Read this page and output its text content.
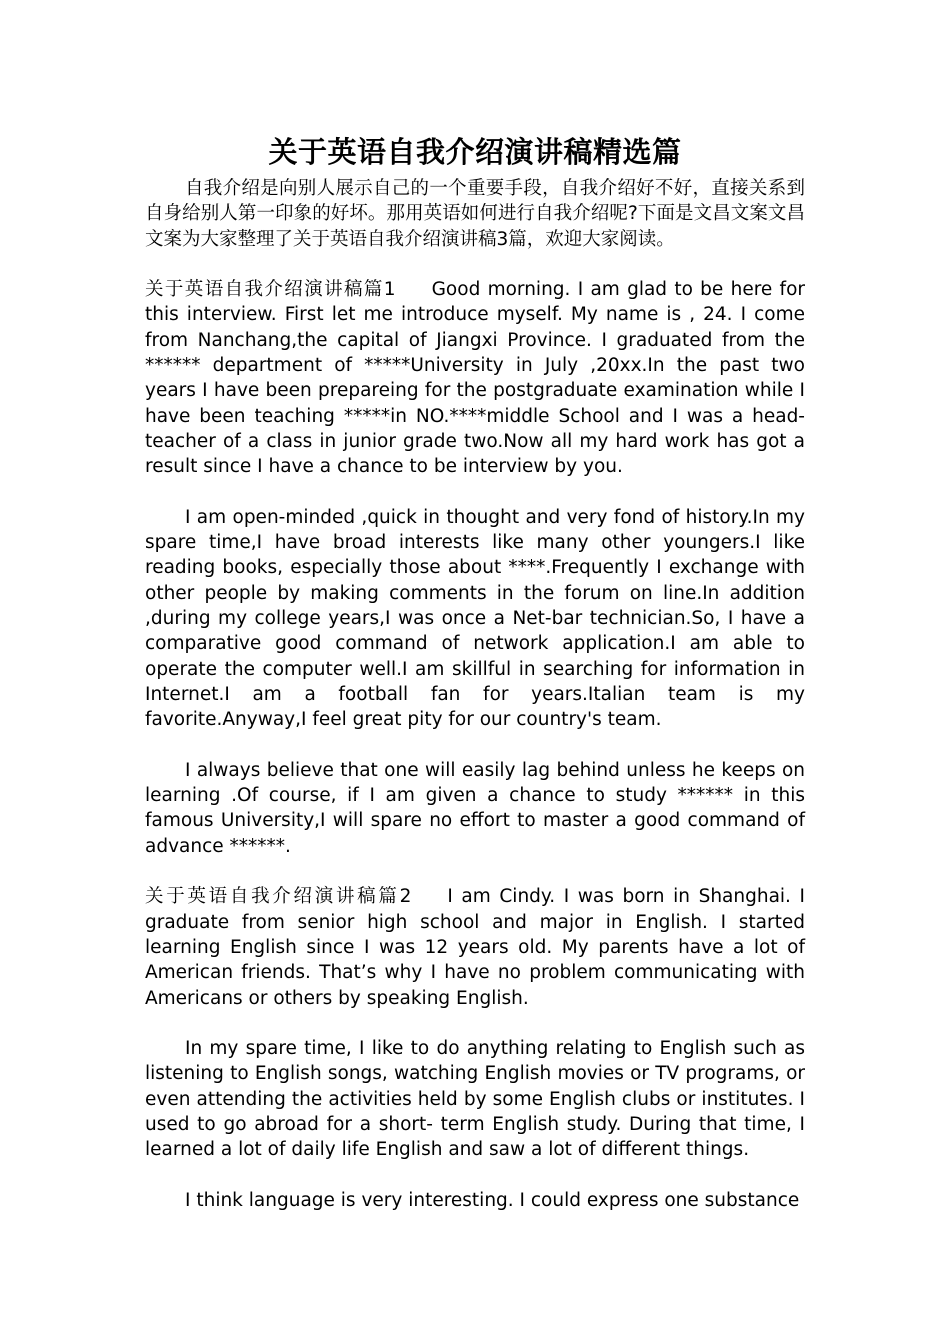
关于英语自我介绍演讲稿精选篇

自我介绍是向别人展示自己的一个重要手段，自我介绍好不好，直接关系到自身给别人第一印象的好坏。那用英语如何进行自我介绍呢?下面是文昌文案文昌文案为大家整理了关于英语自我介绍演讲稿3篇，欢迎大家阅读。

关于英语自我介绍演讲稿篇1 Good morning. I am glad to be here for this interview. First let me introduce myself. My name is , 24. I come from Nanchang,the capital of Jiangxi Province. I graduated from the ****** department of *****University in July ,20xx.In the past two years I have been prepareing for the postgraduate examination while I have been teaching *****in NO.****middle School and I was a head-teacher of a class in junior grade two.Now all my hard work has got a result since I have a chance to be interview by you.

I am open-minded ,quick in thought and very fond of history.In my spare time,I have broad interests like many other youngers.I like reading books, especially those about ****.Frequently I exchange with other people by making comments in the forum on line.In addition ,during my college years,I was once a Net-bar technician.So, I have a comparative good command of network application.I am able to operate the computer well.I am skillful in searching for information in Internet.I am a football fan for years.Italian team is my favorite.Anyway,I feel great pity for our country's team.

I always believe that one will easily lag behind unless he keeps on learning .Of course, if I am given a chance to study ****** in this famous University,I will spare no effort to master a good command of advance ******.

关于英语自我介绍演讲稿篇2 I am Cindy. I was born in Shanghai. I graduate from senior high school and major in English. I started learning English since I was 12 years old. My parents have a lot of American friends. That’s why I have no problem communicating with Americans or others by speaking English.

In my spare time, I like to do anything relating to English such as listening to English songs, watching English movies or TV programs, or even attending the activities held by some English clubs or institutes. I used to go abroad for a short- term English study. During that time, I learned a lot of daily life English and saw a lot of different things.

I think language is very interesting. I could express one substance
